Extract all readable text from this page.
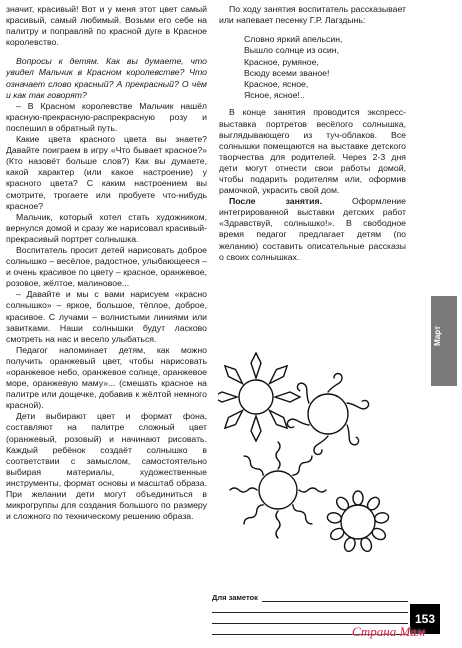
значит, красивый! Вот и у меня этот цвет самый красивый, самый любимый. Возьми его себе на палитру и поправляй по красной дуге в Красное королевство.

Вопросы к детям. Как вы думаете, что увидел Мальчик в Красном королевстве? Что означает слово красный? А прекрасный? О чём и как так говорят?

– В Красном королевстве Мальчик нашёл красную-прекрасную-распрекрасную розу и поспешил в обратный путь.

Какие цвета красного цвета вы знаете? Давайте поиграем в игру «Что бывает красное?» (Кто назовёт больше слов?) Как вы думаете, какой характер (или какое настроение) у красного цвета? С каким настроением вы смотрите, трогаете или пробуете что-нибудь красное?

Мальчик, который хотел стать художником, вернулся домой и сразу же нарисовал красивый-прекрасивый портрет солнышка.

Воспитатель просит детей нарисовать доброе солнышко – весёлое, радостное, улыбающееся – и очень красивое по цвету – красное, оранжевое, розовое, жёлтое, малиновое...

– Давайте и мы с вами нарисуем «красно солнышко» – яркое, большое, тёплое, доброе, красивое. С лучами – волнистыми линиями или завитками. Наши солнышки будут ласково смотреть на нас и весело улыбаться.

Педагог напоминает детям, как можно получить оранжевый цвет, чтобы нарисовать «оранжевое небо, оранжевое солнце, оранжевое море, оранжевую маму»... (смешать красное на палитре или дощечке, добавив к жёлтой немного красной).

Дети выбирают цвет и формат фона, составляют на палитре сложный цвет (оранжевый, розовый) и начинают рисовать. Каждый ребёнок создаёт солнышко в соответствии с замыслом, самостоятельно выбирая материалы, художественные инструменты, формат основы и масштаб образа. При желании дети могут объединиться в микрогруппы для создания большого по размеру и сложного по техническому решению образа.

По ходу занятия воспитатель рассказывает или напевает песенку Г.Р. Лагздынь:

Словно яркий апельсин,
Вышло солнце из осин,
Красное, румяное,
Всюду всеми званое!
Красное, ясное,
Ясное, ясное!..

В конце занятия проводится экспресс-выставка портретов весёлого солнышка, выглядывающего из туч-облаков. Все солнышки помещаются на выставке детского творчества для родителей. Через 2-3 дня дети могут отнести свои работы домой, чтобы подарить родителям или, оформив рамочкой, украсить свой дом.

После занятия. Оформление интегрированной выставки детских работ «Здравствуй, солнышко!». В свободное время педагог предлагает детям (по желанию) составить описательные рассказы о своих солнышках.

Для заметок
Март
153
Страна Мам
